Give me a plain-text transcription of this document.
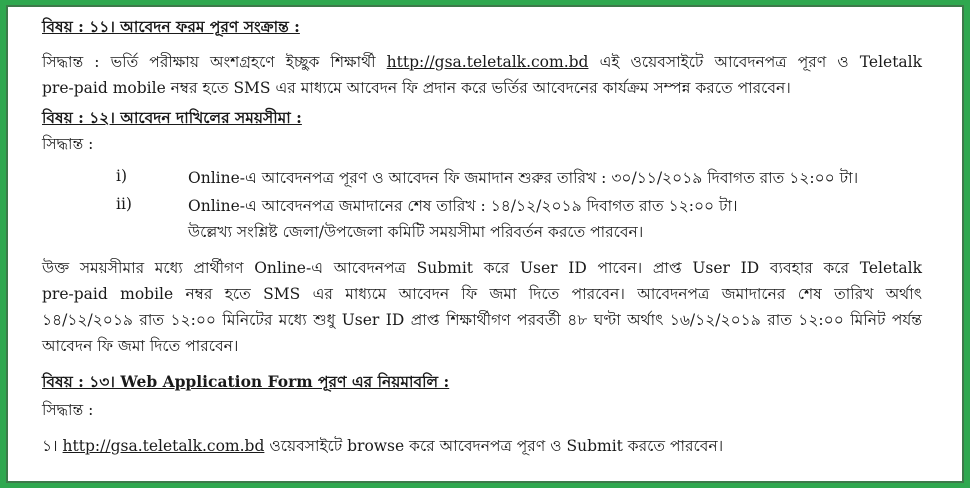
বিষয় : ১১। আবেদন ফরম পূরণ সংক্রান্ত :
সিদ্ধান্ত : ভর্তি পরীক্ষায় অংশগ্রহণে ইচ্ছুক শিক্ষার্থী http://gsa.teletalk.com.bd এই ওয়েবসাইটে আবেদনপত্র পূরণ ও Teletalk
pre-paid mobile নম্বর হতে SMS এর মাধ্যমে আবেদন ফি প্রদান করে ভর্তির আবেদনের কার্যক্রম সম্পন্ন করতে পারবেন।
বিষয় : ১২। আবেদন দাখিলের সময়সীমা :
সিদ্ধান্ত :
i)	Online-এ আবেদনপত্র পূরণ ও আবেদন ফি জমাদান শুরুর তারিখ : ৩০/১১/২০১৯ দিবাগত রাত ১২:০০ টা।
ii)	Online-এ আবেদনপত্র জমাদানের শেষ তারিখ : ১৪/১২/২০১৯ দিবাগত রাত ১২:০০ টা।
উল্লেখ্য সংশ্লিষ্ট জেলা/উপজেলা কমিটি সময়সীমা পরিবর্তন করতে পারবেন।
উক্ত সময়সীমার মধ্যে প্রার্থীগণ Online-এ আবেদনপত্র Submit করে User ID পাবেন। প্রাপ্ত User ID ব্যবহার করে Teletalk
pre-paid mobile নম্বর হতে SMS এর মাধ্যমে আবেদন ফি জমা দিতে পারবেন। আবেদনপত্র জমাদানের শেষ তারিখ অর্থাৎ
১৪/১২/২০১৯ রাত ১২:০০ মিনিটের মধ্যে শুধু User ID প্রাপ্ত শিক্ষার্থীগণ পরবর্তী ৪৮ ঘণ্টা অর্থাৎ ১৬/১২/২০১৯ রাত ১২:০০ মিনিট পর্যন্ত
আবেদন ফি জমা দিতে পারবেন।
বিষয় : ১৩। Web Application Form পূরণ এর নিয়মাবলি :
সিদ্ধান্ত :
১। http://gsa.teletalk.com.bd ওয়েবসাইটে browse করে আবেদনপত্র পূরণ ও Submit করতে পারবেন।
